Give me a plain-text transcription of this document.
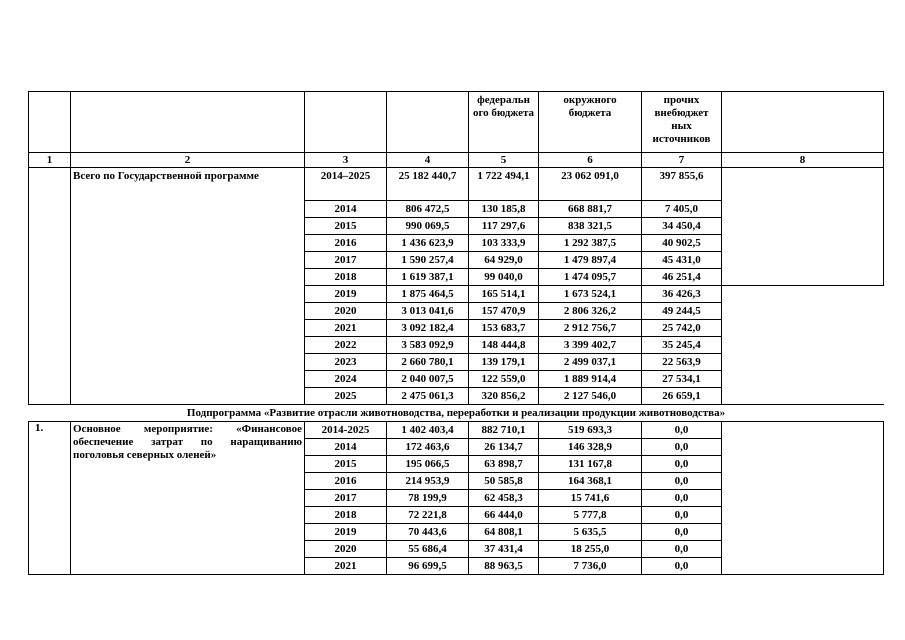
				федеральн ого бюджета	окружного бюджета	прочих внебюджет ных источников	
1	2	3	4	5	6	7	8
	Всего по Государственной программе	2014–2025	25 182 440,7	1 722 494,1	23 062 091,0	397 855,6	
		2014	806 472,5	130 185,8	668 881,7	7 405,0	
		2015	990 069,5	117 297,6	838 321,5	34 450,4	
		2016	1 436 623,9	103 333,9	1 292 387,5	40 902,5	
		2017	1 590 257,4	64 929,0	1 479 897,4	45 431,0	
		2018	1 619 387,1	99 040,0	1 474 095,7	46 251,4	
		2019	1 875 464,5	165 514,1	1 673 524,1	36 426,3	
		2020	3 013 041,6	157 470,9	2 806 326,2	49 244,5	
		2021	3 092 182,4	153 683,7	2 912 756,7	25 742,0	
		2022	3 583 092,9	148 444,8	3 399 402,7	35 245,4	
		2023	2 660 780,1	139 179,1	2 499 037,1	22 563,9	
		2024	2 040 007,5	122 559,0	1 889 914,4	27 534,1	
		2025	2 475 061,3	320 856,2	2 127 546,0	26 659,1	
Подпрограмма «Развитие отрасли животноводства, переработки и реализации продукции животноводства»							
1.	Основное мероприятие: «Финансовое обеспечение затрат по наращиванию поголовья северных оленей»	2014-2025	1 402 403,4	882 710,1	519 693,3	0,0	
		2014	172 463,6	26 134,7	146 328,9	0,0	
		2015	195 066,5	63 898,7	131 167,8	0,0	
		2016	214 953,9	50 585,8	164 368,1	0,0	
		2017	78 199,9	62 458,3	15 741,6	0,0	
		2018	72 221,8	66 444,0	5 777,8	0,0	
		2019	70 443,6	64 808,1	5 635,5	0,0	
		2020	55 686,4	37 431,4	18 255,0	0,0	
		2021	96 699,5	88 963,5	7 736,0	0,0	
